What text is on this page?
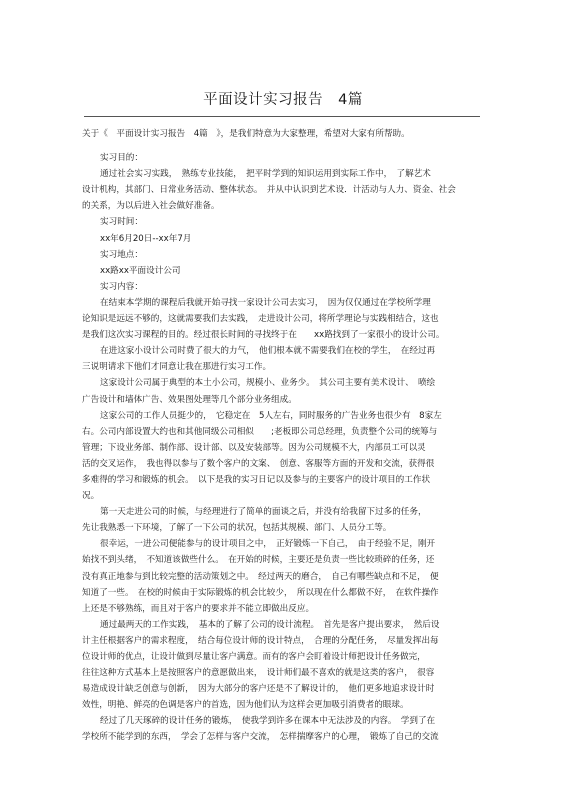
平面设计实习报告　4篇

关于《　平面设计实习报告　4篇　》，是我们特意为大家整理，希望对大家有所帮助。

实习目的：

通过社会实习实践，　熟练专业技能，　把平时学到的知识运用到实际工作中，　了解艺术

设计机构，其部门、日常业务活动、整体状态。　并从中认识到艺术设．计活动与人力、资金、社会

的关系，为以后进入社会做好准备。

实习时间：

xx年6月20日--xx年7月

实习地点：

xx路xx平面设计公司

实习内容：

在结束本学期的课程后我就开始寻找一家设计公司去实习，　因为仅仅通过在学校所学理

论知识是远远不够的，这就需要我们去实践，　走进设计公司，将所学理论与实践相结合，这也

是我们这次实习课程的目的。经过很长时间的寻找终于在　　xx路找到了一家很小的设计公司。

在进这家小设计公司时费了很大的力气，　他们根本就不需要我们在校的学生，　在经过再

三说明请求下他们才同意让我在那进行实习工作。

这家设计公司属于典型的本土小公司，规模小、业务少。　其公司主要有美术设计、　喷绘

广告设计和墙体广告、效果图处理等几个部分业务组成。

这家公司的工作人员挺少的，　它稳定在　5人左右，同时服务的广告业务也很少有　8家左

右。公司内部设置大约也和其他同级公司相似　　;老板即公司总经理，负责整个公司的统筹与

管理；下设业务部、制作部、设计部、以及安装部等。因为公司规模不大，内部员工可以灵

活的交叉运作，　我也得以参与了数个客户的文案、　创意、客服等方面的开发和交流，获得很

多难得的学习和锻炼的机会。　以下是我的实习日记以及参与的主要客户的设计项目的工作状

况。

第一天走进公司的时候，与经理进行了简单的面谈之后，并没有给我留下过多的任务，

先让我熟悉一下环境，了解了一下公司的状况，包括其规模、部门、人员分工等。

很幸运，一进公司便能参与的设计项目之中，　正好锻炼一下自己，　由于经验不足，刚开

始找不到头绪，　不知道该做些什么。　在开始的时候，主要还是负责一些比较琐碎的任务，还

没有真正地参与到比较完整的活动策划之中。　经过两天的磨合，　自己有哪些缺点和不足，　便

知道了一些。　在校的时候由于实际锻炼的机会比较少，　所以现在什么都做不好，　在软件操作

上还是不够熟练，而且对于客户的要求并不能立即做出反应。

通过最两天的工作实践，　基本的了解了公司的设计流程。　首先是客户提出要求，　然后设

计主任根据客户的需求程度，　结合每位设计师的设计特点，　合理的分配任务，　尽量发挥出每

位设计师的优点，让设计做到尽量让客户满意。而有的客户会盯着设计师把设计任务做完，

往往这种方式基本上是按照客户的意愿做出来，　设计师们最不喜欢的就是这类的客户，　很容

易造成设计缺乏创意与创新，　因为大部分的客户还是不了解设计的，　他们更多地追求设计时

效性，明艳、鲜亮的色调是客户的首选，因为他们认为这样会更加吸引消费者的眼球。

经过了几天琢碎的设计任务的锻炼，　使我学到许多在课本中无法涉及的内容。　学到了在

学校所不能学到的东西，　学会了怎样与客户交流，　怎样揣摩客户的心理，　锻炼了自己的交流
